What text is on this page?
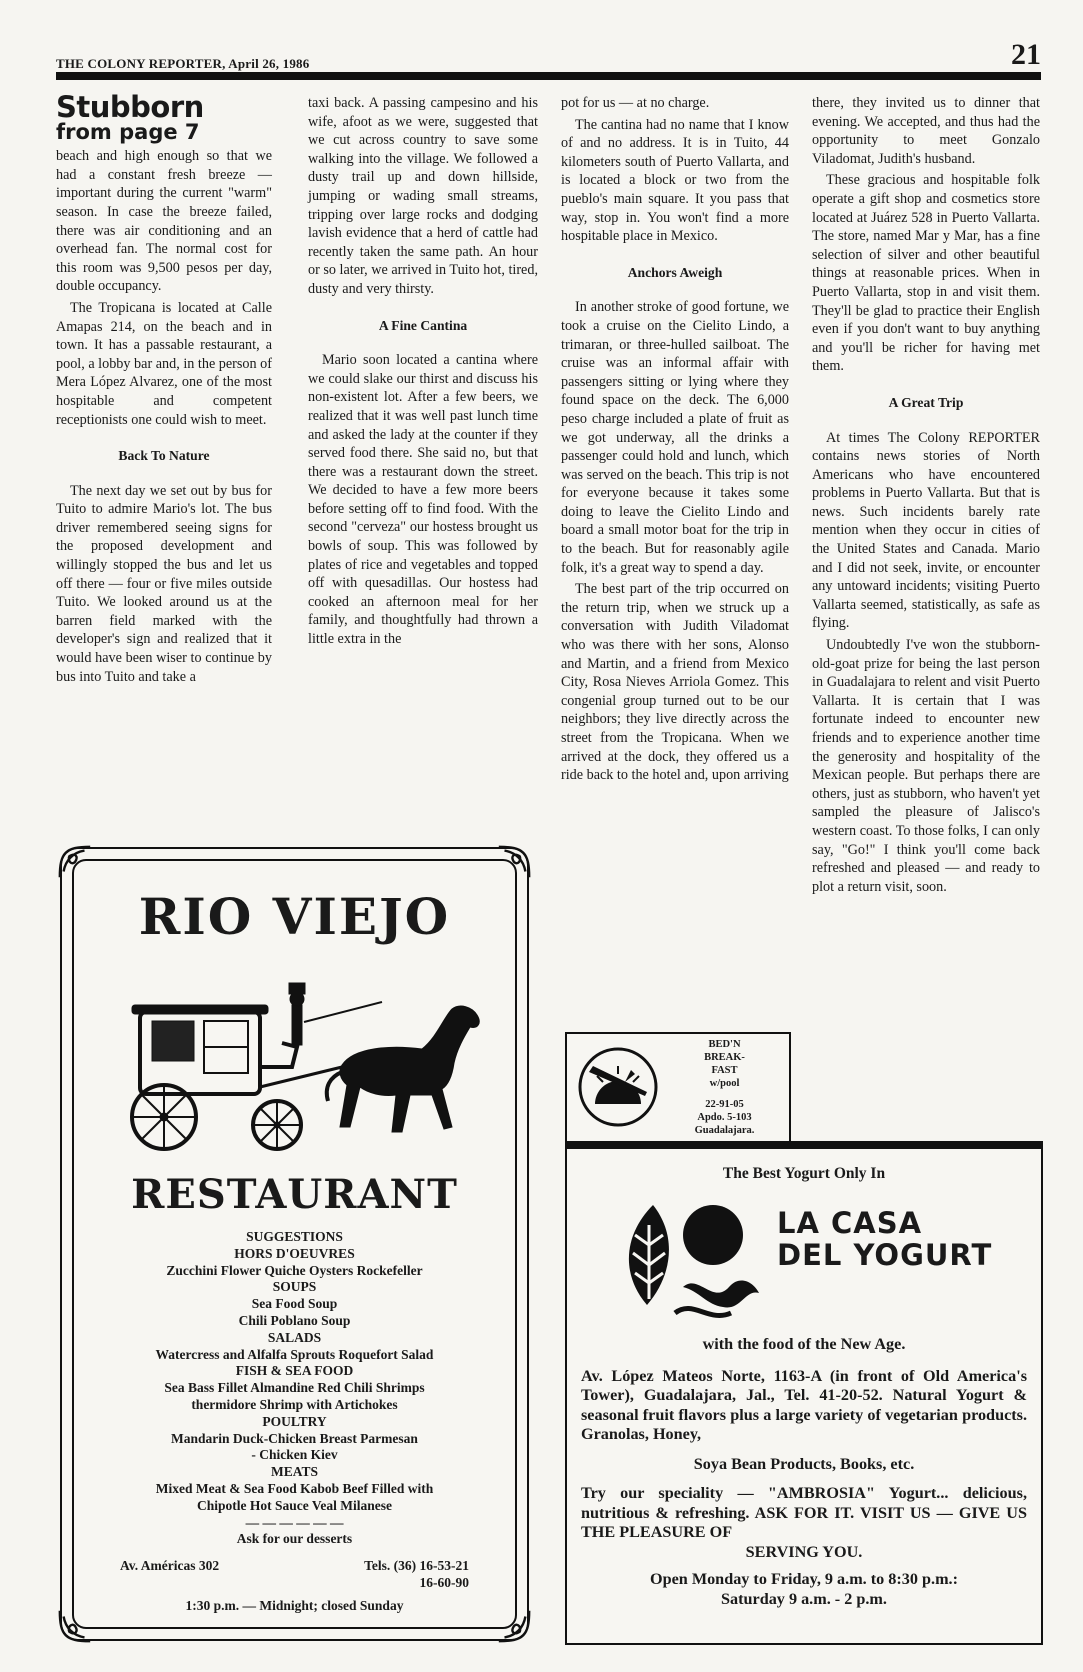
THE COLONY REPORTER, April 26, 1986	21
Stubborn
from page 7

beach and high enough so that we had a constant fresh breeze — important during the current "warm" season. In case the breeze failed, there was air conditioning and an overhead fan. The normal cost for this room was 9,500 pesos per day, double occupancy.

The Tropicana is located at Calle Amapas 214, on the beach and in town. It has a passable restaurant, a pool, a lobby bar and, in the person of Mera López Alvarez, one of the most hospitable and competent receptionists one could wish to meet.

Back To Nature

The next day we set out by bus for Tuito to admire Mario's lot. The bus driver remembered seeing signs for the proposed development and willingly stopped the bus and let us off there — four or five miles outside Tuito. We looked around us at the barren field marked with the developer's sign and realized that it would have been wiser to continue by bus into Tuito and take a

taxi back. A passing campesino and his wife, afoot as we were, suggested that we cut across country to save some walking into the village. We followed a dusty trail up and down hillside, jumping or wading small streams, tripping over large rocks and dodging lavish evidence that a herd of cattle had recently taken the same path. An hour or so later, we arrived in Tuito hot, tired, dusty and very thirsty.

A Fine Cantina

Mario soon located a cantina where we could slake our thirst and discuss his non-existent lot. After a few beers, we realized that it was well past lunch time and asked the lady at the counter if they served food there. She said no, but that there was a restaurant down the street. We decided to have a few more beers before setting off to find food. With the second "cerveza" our hostess brought us bowls of soup. This was followed by plates of rice and vegetables and topped off with quesadillas. Our hostess had cooked an afternoon meal for her family, and thoughtfully had thrown a little extra in the

pot for us — at no charge.

The cantina had no name that I know of and no address. It is in Tuito, 44 kilometers south of Puerto Vallarta, and is located a block or two from the pueblo's main square. It you pass that way, stop in. You won't find a more hospitable place in Mexico.

Anchors Aweigh

In another stroke of good fortune, we took a cruise on the Cielito Lindo, a trimaran, or three-hulled sailboat. The cruise was an informal affair with passengers sitting or lying where they found space on the deck. The 6,000 peso charge included a plate of fruit as we got underway, all the drinks a passenger could hold and lunch, which was served on the beach. This trip is not for everyone because it takes some doing to leave the Cielito Lindo and board a small motor boat for the trip in to the beach. But for reasonably agile folk, it's a great way to spend a day.

The best part of the trip occurred on the return trip, when we struck up a conversation with Judith Viladomat who was there with her sons, Alonso and Martin, and a friend from Mexico City, Rosa Nieves Arriola Gomez. This congenial group turned out to be our neighbors; they live directly across the street from the Tropicana. When we arrived at the dock, they offered us a ride back to the hotel and, upon arriving

there, they invited us to dinner that evening. We accepted, and thus had the opportunity to meet Gonzalo Viladomat, Judith's husband.

These gracious and hospitable folk operate a gift shop and cosmetics store located at Juárez 528 in Puerto Vallarta. The store, named Mar y Mar, has a fine selection of silver and other beautiful things at reasonable prices. When in Puerto Vallarta, stop in and visit them. They'll be glad to practice their English even if you don't want to buy anything and you'll be richer for having met them.

A Great Trip

At times The Colony REPORTER contains news stories of North Americans who have encountered problems in Puerto Vallarta. But that is news. Such incidents barely rate mention when they occur in cities of the United States and Canada. Mario and I did not seek, invite, or encounter any untoward incidents; visiting Puerto Vallarta seemed, statistically, as safe as flying.

Undoubtedly I've won the stubborn-old-goat prize for being the last person in Guadalajara to relent and visit Puerto Vallarta. It is certain that I was fortunate indeed to encounter new friends and to experience another time the generosity and hospitality of the Mexican people. But perhaps there are others, just as stubborn, who haven't yet sampled the pleasure of Jalisco's western coast. To those folks, I can only say, "Go!" I think you'll come back refreshed and pleased — and ready to plot a return visit, soon.

RIO VIEJO
RESTAURANT
SUGGESTIONS
HORS D'OEUVRES
Zucchini Flower Quiche Oysters Rockefeller
SOUPS
Sea Food Soup
Chili Poblano Soup
SALADS
Watercress and Alfalfa Sprouts Roquefort Salad
FISH & SEA FOOD
Sea Bass Fillet Almandine Red Chili Shrimps
thermidore Shrimp with Artichokes
POULTRY
Mandarin Duck-Chicken Breast Parmesan
- Chicken Kiev
MEATS
Mixed Meat & Sea Food Kabob Beef Filled with
Chipotle Hot Sauce Veal Milanese
— — — — — —
Ask for our desserts
Av. Américas 302	Tels. (36) 16-53-21
16-60-90
1:30 p.m. — Midnight; closed Sunday
BED'N
BREAK-
FAST
w/pool
22-91-05
Apdo. 5-103
Guadalajara.
The Best Yogurt Only In
LA CASA
DEL YOGURT
with the food of the New Age.
Av. López Mateos Norte, 1163-A (in front of Old America's Tower), Guadalajara, Jal., Tel. 41-20-52. Natural Yogurt & seasonal fruit flavors plus a large variety of vegetarian products. Granolas, Honey,
Soya Bean Products, Books, etc.
Try our speciality — "AMBROSIA" Yogurt... delicious, nutritious & refreshing. ASK FOR IT. VISIT US — GIVE US THE PLEASURE OF
SERVING YOU.
Open Monday to Friday, 9 a.m. to 8:30 p.m.:
Saturday 9 a.m. - 2 p.m.
